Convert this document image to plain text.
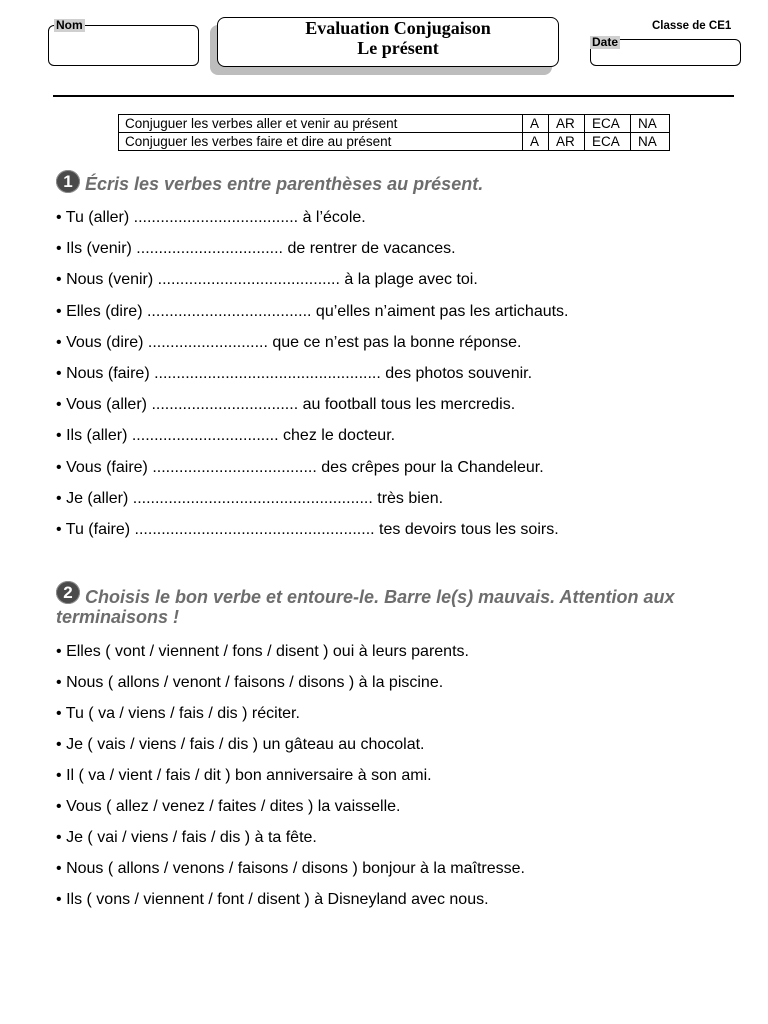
Nom	Evaluation Conjugaison
Le présent
Classe de CE1
Date
Conjuguer les verbes aller et venir au présent	A	AR	ECA	NA
Conjuguer les verbes faire et dire au présent	A	AR	ECA	NA
1 Écris les verbes entre parenthèses au présent.
• Tu (aller) ..................................... à l’école.
• Ils (venir) ................................. de rentrer de vacances.
• Nous (venir) ......................................... à la plage avec toi.
• Elles (dire) ..................................... qu’elles n’aiment pas les artichauts.
• Vous (dire) ........................... que ce n’est pas la bonne réponse.
• Nous (faire) ................................................... des photos souvenir.
• Vous (aller) ................................. au football tous les mercredis.
• Ils (aller) ................................. chez le docteur.
• Vous (faire) ..................................... des crêpes pour la Chandeleur.
• Je (aller) ...................................................... très bien.
• Tu (faire) ...................................................... tes devoirs tous les soirs.
2 Choisis le bon verbe et entoure-le. Barre le(s) mauvais. Attention aux terminaisons !
• Elles ( vont / viennent / fons / disent ) oui à leurs parents.
• Nous ( allons / venont / faisons / disons ) à la piscine.
• Tu ( va / viens / fais / dis ) réciter.
• Je ( vais / viens / fais / dis ) un gâteau au chocolat.
• Il ( va / vient / fais / dit ) bon anniversaire à son ami.
• Vous ( allez / venez / faites / dites ) la vaisselle.
• Je ( vai / viens / fais / dis ) à ta fête.
• Nous ( allons / venons / faisons / disons ) bonjour à la maîtresse.
• Ils ( vons / viennent / font / disent ) à Disneyland avec nous.
